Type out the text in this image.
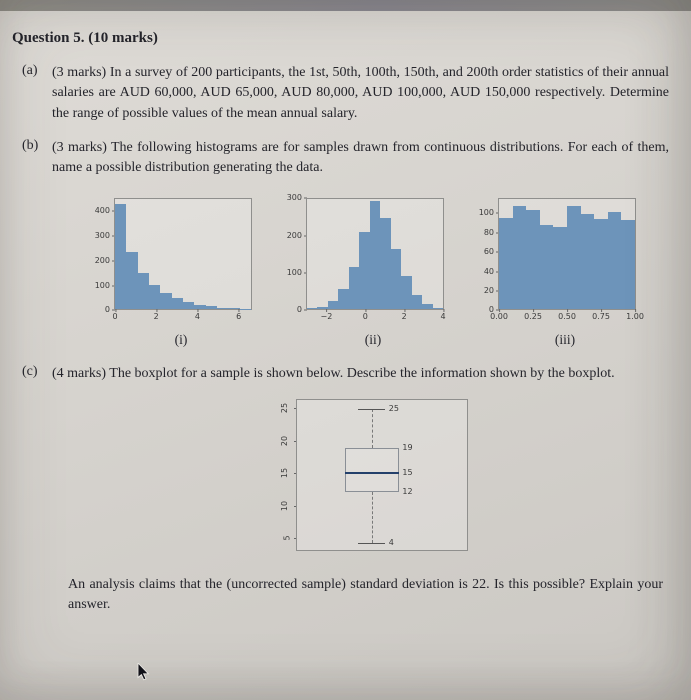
Question 5. (10 marks)
(a)	(3 marks) In a survey of 200 participants, the 1st, 50th, 100th, 150th, and 200th order statistics of their annual salaries are AUD 60,000, AUD 65,000, AUD 80,000, AUD 100,000, AUD 150,000 respectively. Determine the range of possible values of the mean annual salary.
(b) (3 marks) The following histograms are for samples drawn from continuous distributions. For each of them, name a possible distribution generating the data.
0
100
200
300
400
0	2	4	6
(i)
0
100
200
300
−2	0	2	4
(ii)
0
20
40
60
80
100
0.00 0.25 0.50 0.75 1.00
(iii)
(c)	(4 marks) The boxplot for a sample is shown below. Describe the information shown by the boxplot.
5
10
15
20
25	25
19
15
12
4
An analysis claims that the (uncorrected sample) standard deviation is 22. Is this possible? Explain your answer.
